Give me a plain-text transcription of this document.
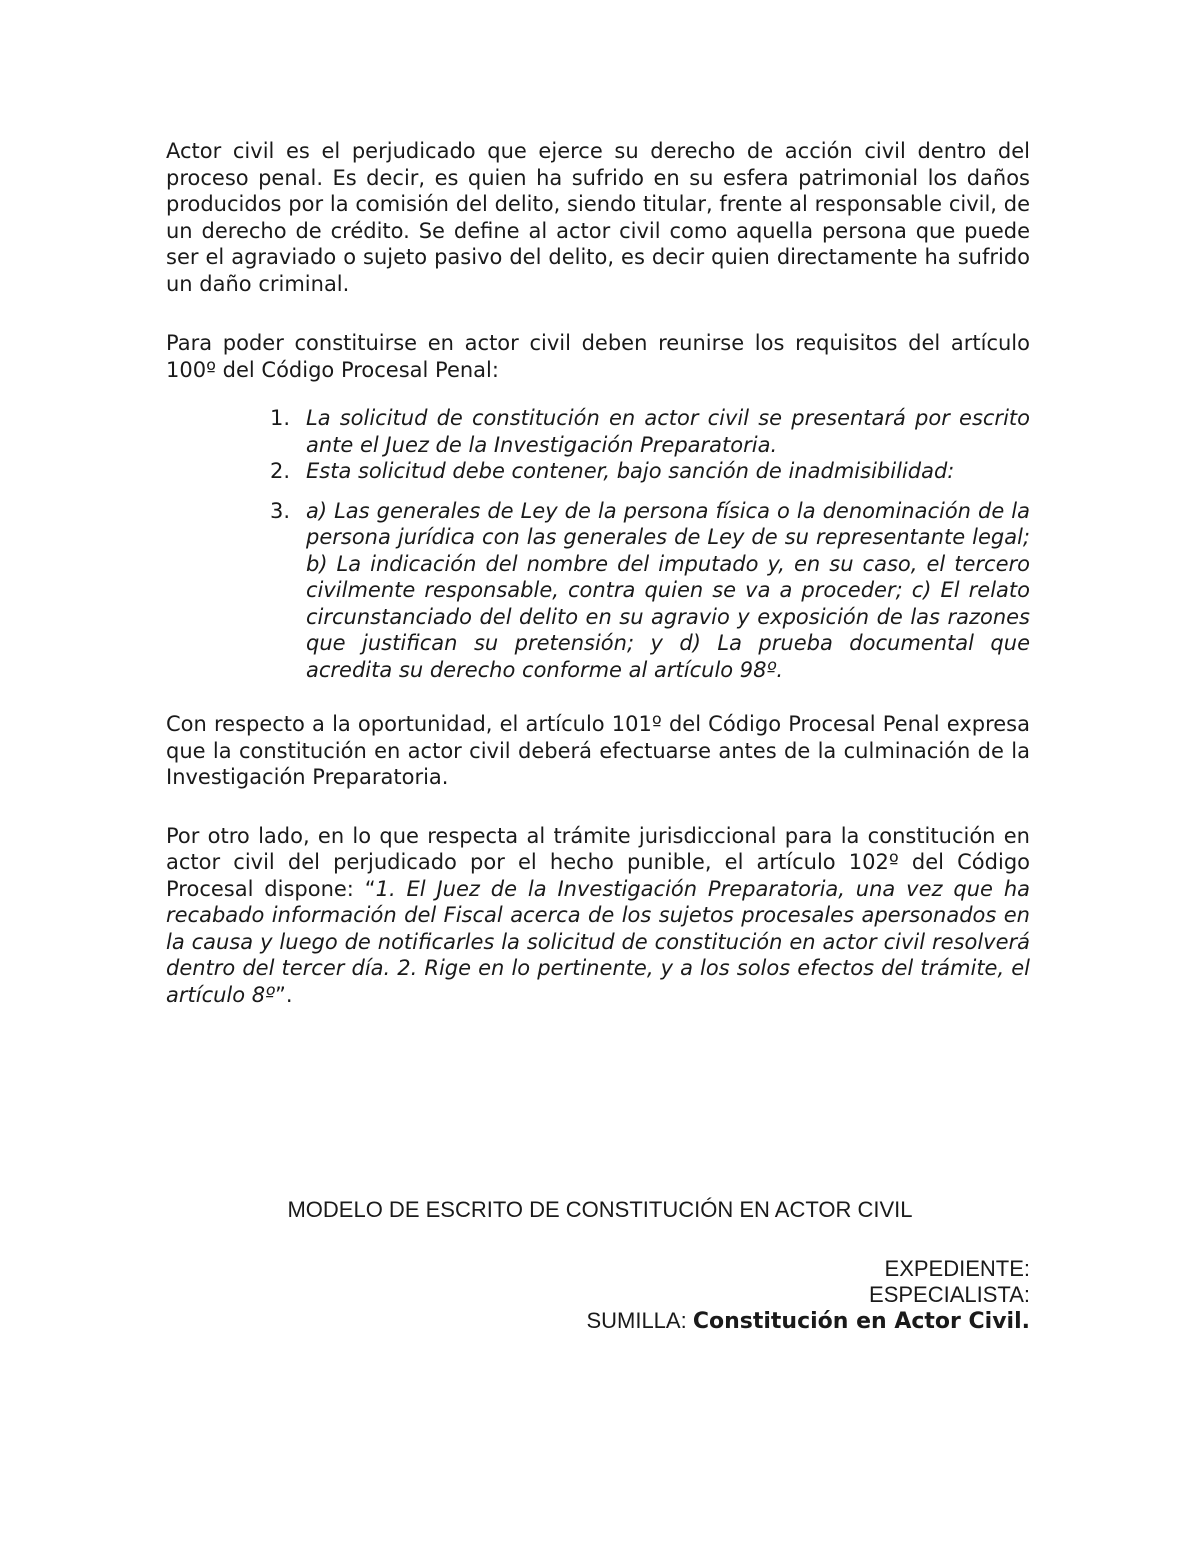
Actor civil es el perjudicado que ejerce su derecho de acción civil dentro del proceso penal. Es decir, es quien ha sufrido en su esfera patrimonial los daños producidos por la comisión del delito, siendo titular, frente al responsable civil, de un derecho de crédito. Se define al actor civil como aquella persona que puede ser el agraviado o sujeto pasivo del delito, es decir quien directamente ha sufrido un daño criminal.

Para poder constituirse en actor civil deben reunirse los requisitos del artículo 100º del Código Procesal Penal:

1. La solicitud de constitución en actor civil se presentará por escrito ante el Juez de la Investigación Preparatoria.
2. Esta solicitud debe contener, bajo sanción de inadmisibilidad:
3. a) Las generales de Ley de la persona física o la denominación de la persona jurídica con las generales de Ley de su representante legal; b) La indicación del nombre del imputado y, en su caso, el tercero civilmente responsable, contra quien se va a proceder; c) El relato circunstanciado del delito en su agravio y exposición de las razones que justifican su pretensión; y d) La prueba documental que acredita su derecho conforme al artículo 98º.

Con respecto a la oportunidad, el artículo 101º del Código Procesal Penal expresa que la constitución en actor civil deberá efectuarse antes de la culminación de la Investigación Preparatoria.

Por otro lado, en lo que respecta al trámite jurisdiccional para la constitución en actor civil del perjudicado por el hecho punible, el artículo 102º del Código Procesal dispone: “1. El Juez de la Investigación Preparatoria, una vez que ha recabado información del Fiscal acerca de los sujetos procesales apersonados en la causa y luego de notificarles la solicitud de constitución en actor civil resolverá dentro del tercer día. 2. Rige en lo pertinente, y a los solos efectos del trámite, el artículo 8º”.

MODELO DE ESCRITO DE CONSTITUCIÓN EN ACTOR CIVIL
EXPEDIENTE:
ESPECIALISTA:
SUMILLA: Constitución en Actor Civil.
